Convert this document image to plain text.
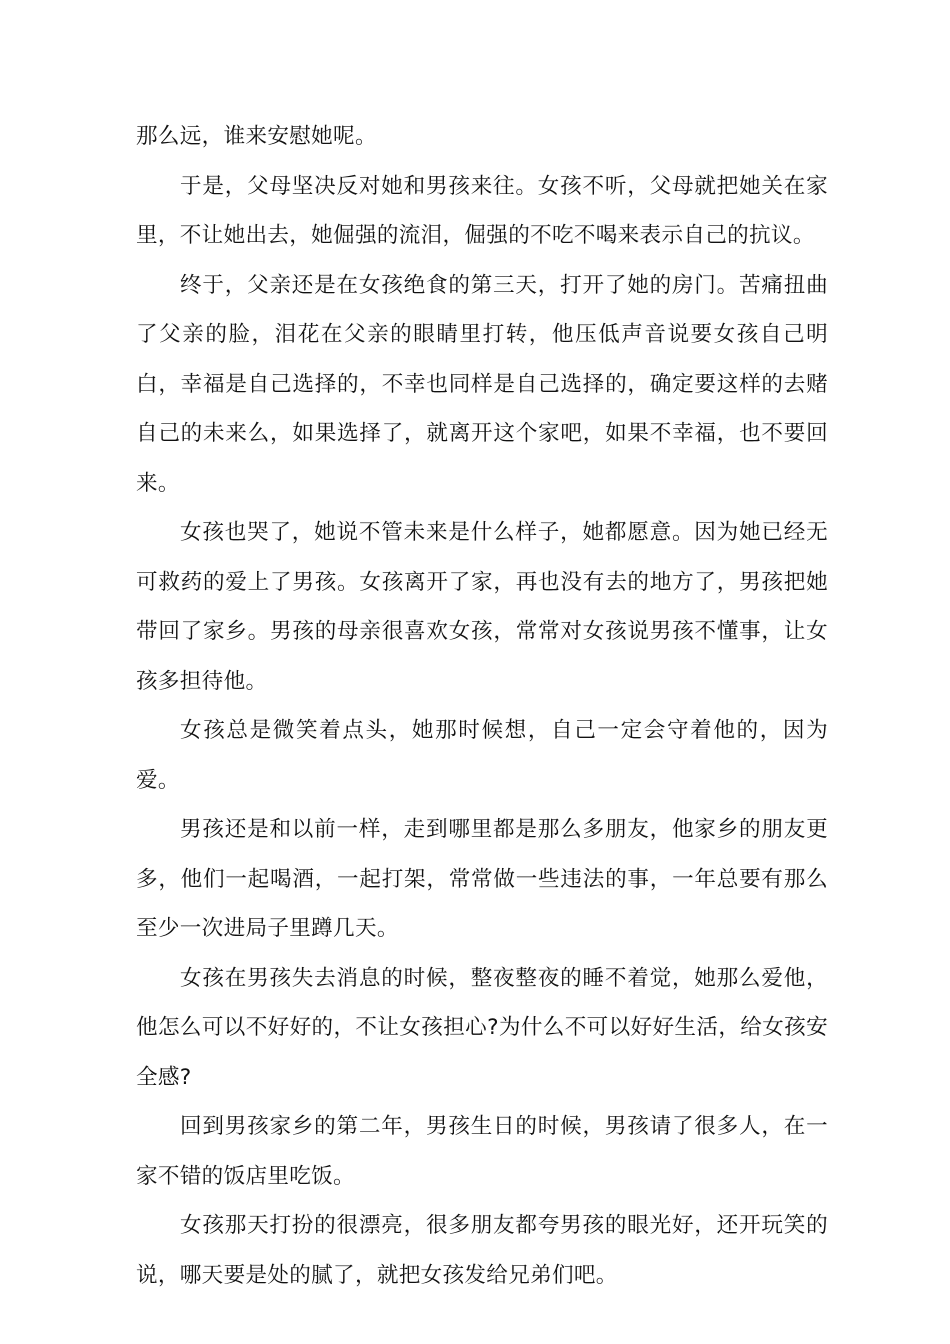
那么远，谁来安慰她呢。

于是，父母坚决反对她和男孩来往。女孩不听，父母就把她关在家里，不让她出去，她倔强的流泪，倔强的不吃不喝来表示自己的抗议。

终于，父亲还是在女孩绝食的第三天，打开了她的房门。苦痛扭曲了父亲的脸，泪花在父亲的眼睛里打转，他压低声音说要女孩自己明白，幸福是自己选择的，不幸也同样是自己选择的，确定要这样的去赌自己的未来么，如果选择了，就离开这个家吧，如果不幸福，也不要回来。

女孩也哭了，她说不管未来是什么样子，她都愿意。因为她已经无可救药的爱上了男孩。女孩离开了家，再也没有去的地方了，男孩把她带回了家乡。男孩的母亲很喜欢女孩，常常对女孩说男孩不懂事，让女孩多担待他。

女孩总是微笑着点头，她那时候想，自己一定会守着他的，因为爱。

男孩还是和以前一样，走到哪里都是那么多朋友，他家乡的朋友更多，他们一起喝酒，一起打架，常常做一些违法的事，一年总要有那么至少一次进局子里蹲几天。

女孩在男孩失去消息的时候，整夜整夜的睡不着觉，她那么爱他，他怎么可以不好好的，不让女孩担心?为什么不可以好好生活，给女孩安全感?

回到男孩家乡的第二年，男孩生日的时候，男孩请了很多人，在一家不错的饭店里吃饭。

女孩那天打扮的很漂亮，很多朋友都夸男孩的眼光好，还开玩笑的说，哪天要是处的腻了，就把女孩发给兄弟们吧。
